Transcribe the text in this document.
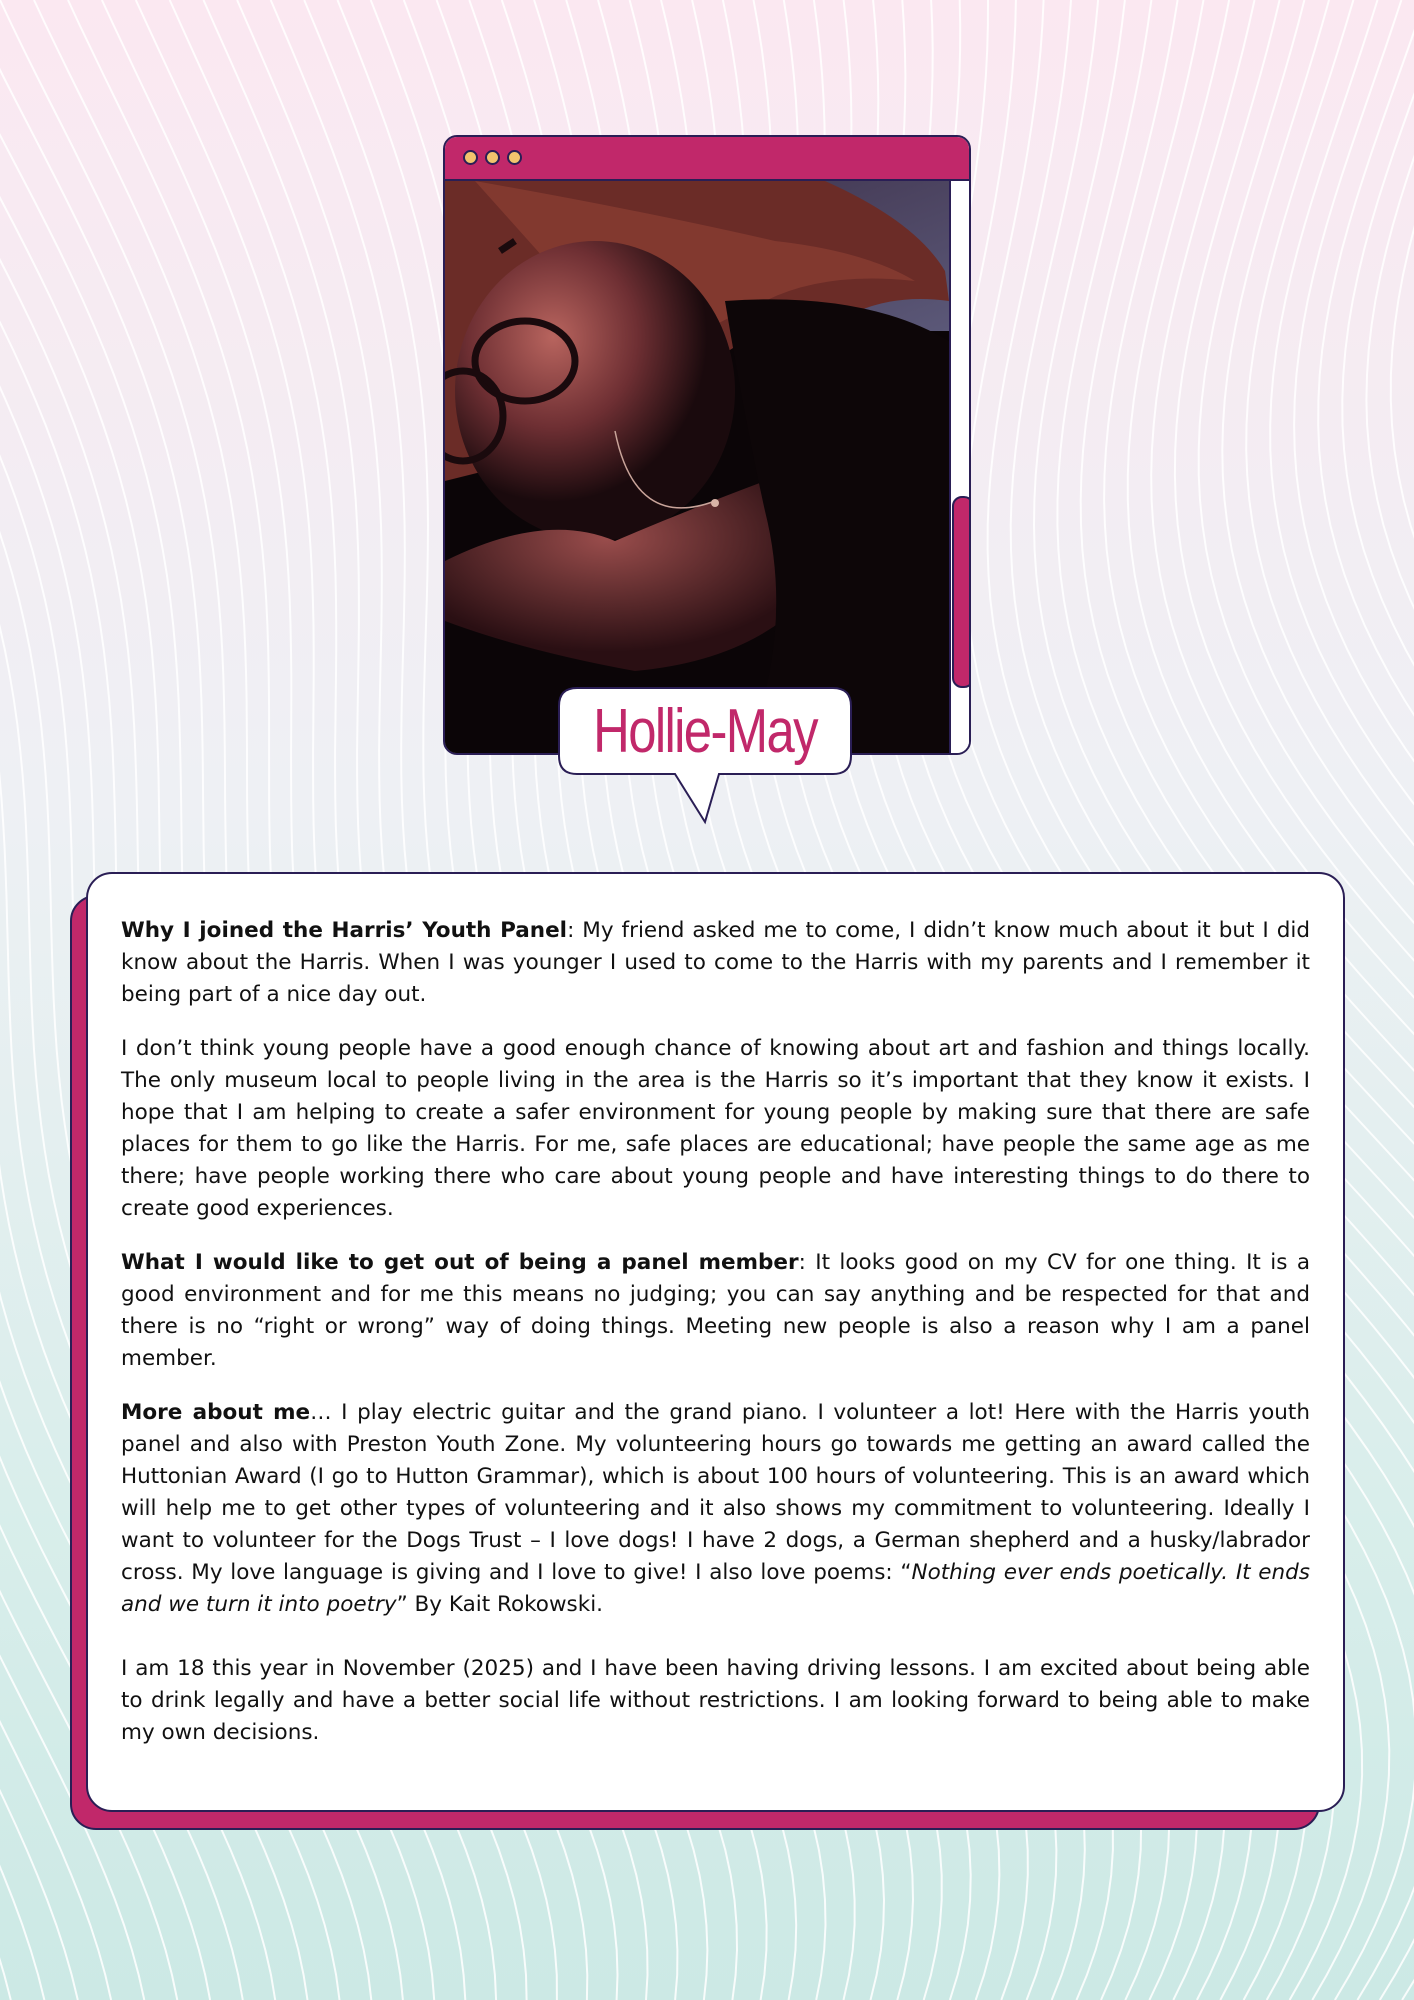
Hollie-May

Why I joined the Harris’ Youth Panel: My friend asked me to come, I didn’t know much about it but I did know about the Harris. When I was younger I used to come to the Harris with my parents and I remember it being part of a nice day out.

I don’t think young people have a good enough chance of knowing about art and fashion and things locally. The only museum local to people living in the area is the Harris so it’s important that they know it exists. I hope that I am helping to create a safer environment for young people by making sure that there are safe places for them to go like the Harris. For me, safe places are educational; have people the same age as me there; have people working there who care about young people and have interesting things to do there to create good experiences.

What I would like to get out of being a panel member: It looks good on my CV for one thing. It is a good environment and for me this means no judging; you can say anything and be respected for that and there is no “right or wrong” way of doing things. Meeting new people is also a reason why I am a panel member.

More about me… I play electric guitar and the grand piano. I volunteer a lot! Here with the Harris youth panel and also with Preston Youth Zone. My volunteering hours go towards me getting an award called the Huttonian Award (I go to Hutton Grammar), which is about 100 hours of volunteering. This is an award which will help me to get other types of volunteering and it also shows my commitment to volunteering. Ideally I want to volunteer for the Dogs Trust – I love dogs! I have 2 dogs, a German shepherd and a husky/labrador cross. My love language is giving and I love to give! I also love poems: “Nothing ever ends poetically. It ends and we turn it into poetry” By Kait Rokowski.

I am 18 this year in November (2025) and I have been having driving lessons. I am excited about being able to drink legally and have a better social life without restrictions. I am looking forward to being able to make my own decisions.
